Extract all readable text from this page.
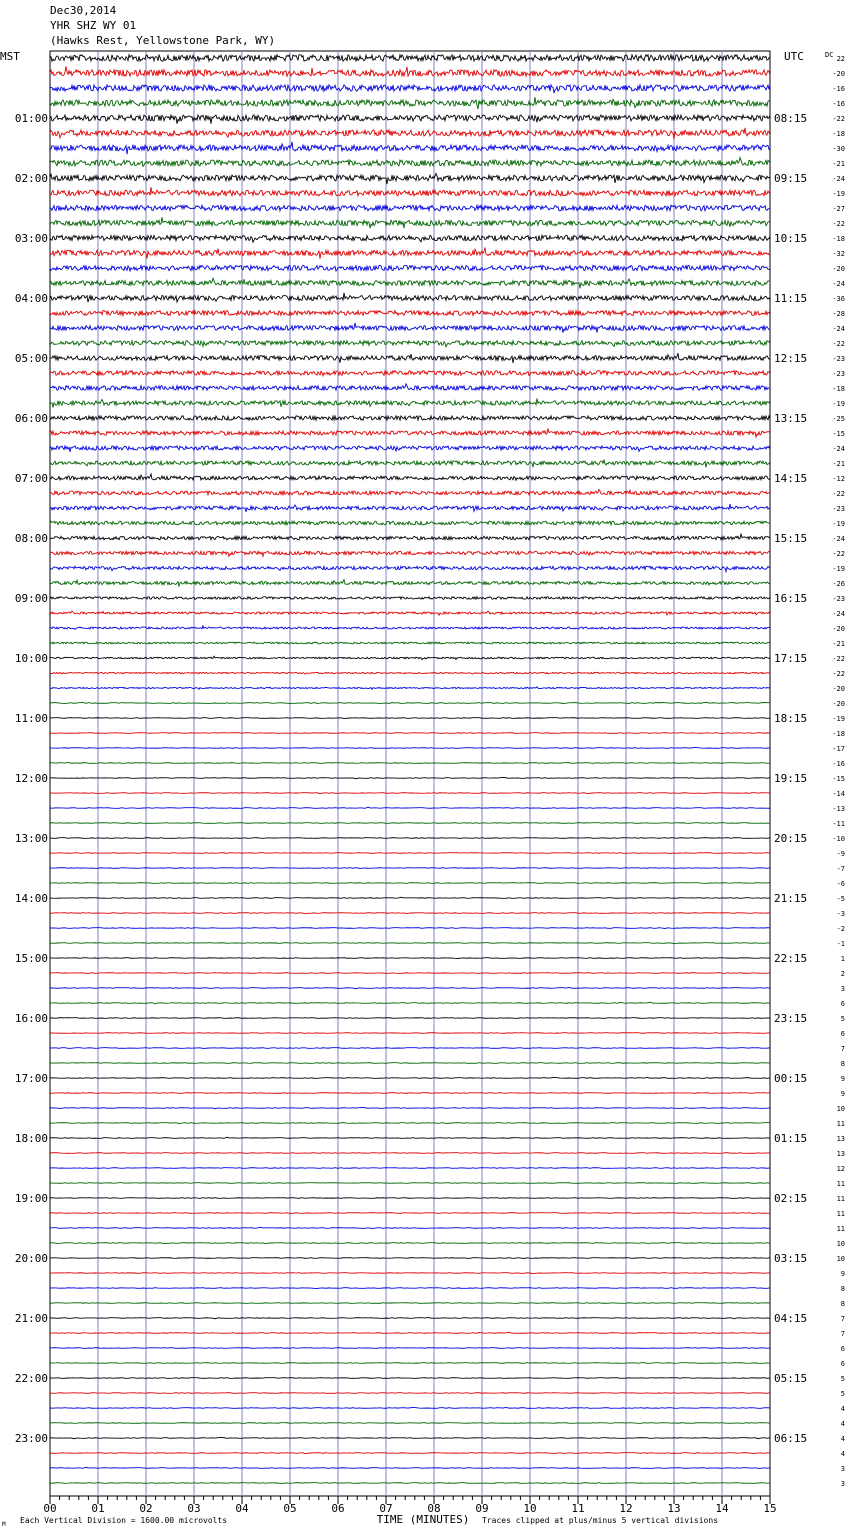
Dec30,2014
YHR SHZ WY 01
(Hawks Rest, Yellowstone Park, WY)
MST	UTC	DC
01:00
02:00
03:00
04:00
05:00
06:00
07:00
08:00
09:00
10:00
11:00
12:00
13:00
14:00
15:00
16:00
17:00
18:00
19:00
20:00
21:00
22:00
23:00
08:15
09:15
10:15
11:15
12:15
13:15
14:15
15:15
16:15
17:15
18:15
19:15
20:15
21:15
22:15
23:15
00:15
01:15
02:15
03:15
04:15
05:15
06:15
22
-20
-16
-16
-22
-18
-30
-21
-24
-19
-27
-22
-18
-32
-20
-24
-36
-28
-24
-22
-23
-23
-18
-19
-25
-15
-24
-21
-12
-22
-23
-19
-24
-22
-19
-26
-23
-24
-20
-21
-22
-22
-20
-20
-19
-18
-17
-16
-15
-14
-13
-11
-10
-9
-7
-6
-5
-3
-2
-1
1
2
3
6
5
6
7
8
9
9
10
11
13
13
12
11
11
11
11
10
10
9
8
8
7
7
6
6
5
5
4
4
4
4
3
3
00	01	02	03	04	05	06	07	08	09	10	11	12	13	14	15
TIME (MINUTES)
Each Vertical Division = 1600.00 microvolts	Traces clipped at plus/minus 5 vertical divisions
M
